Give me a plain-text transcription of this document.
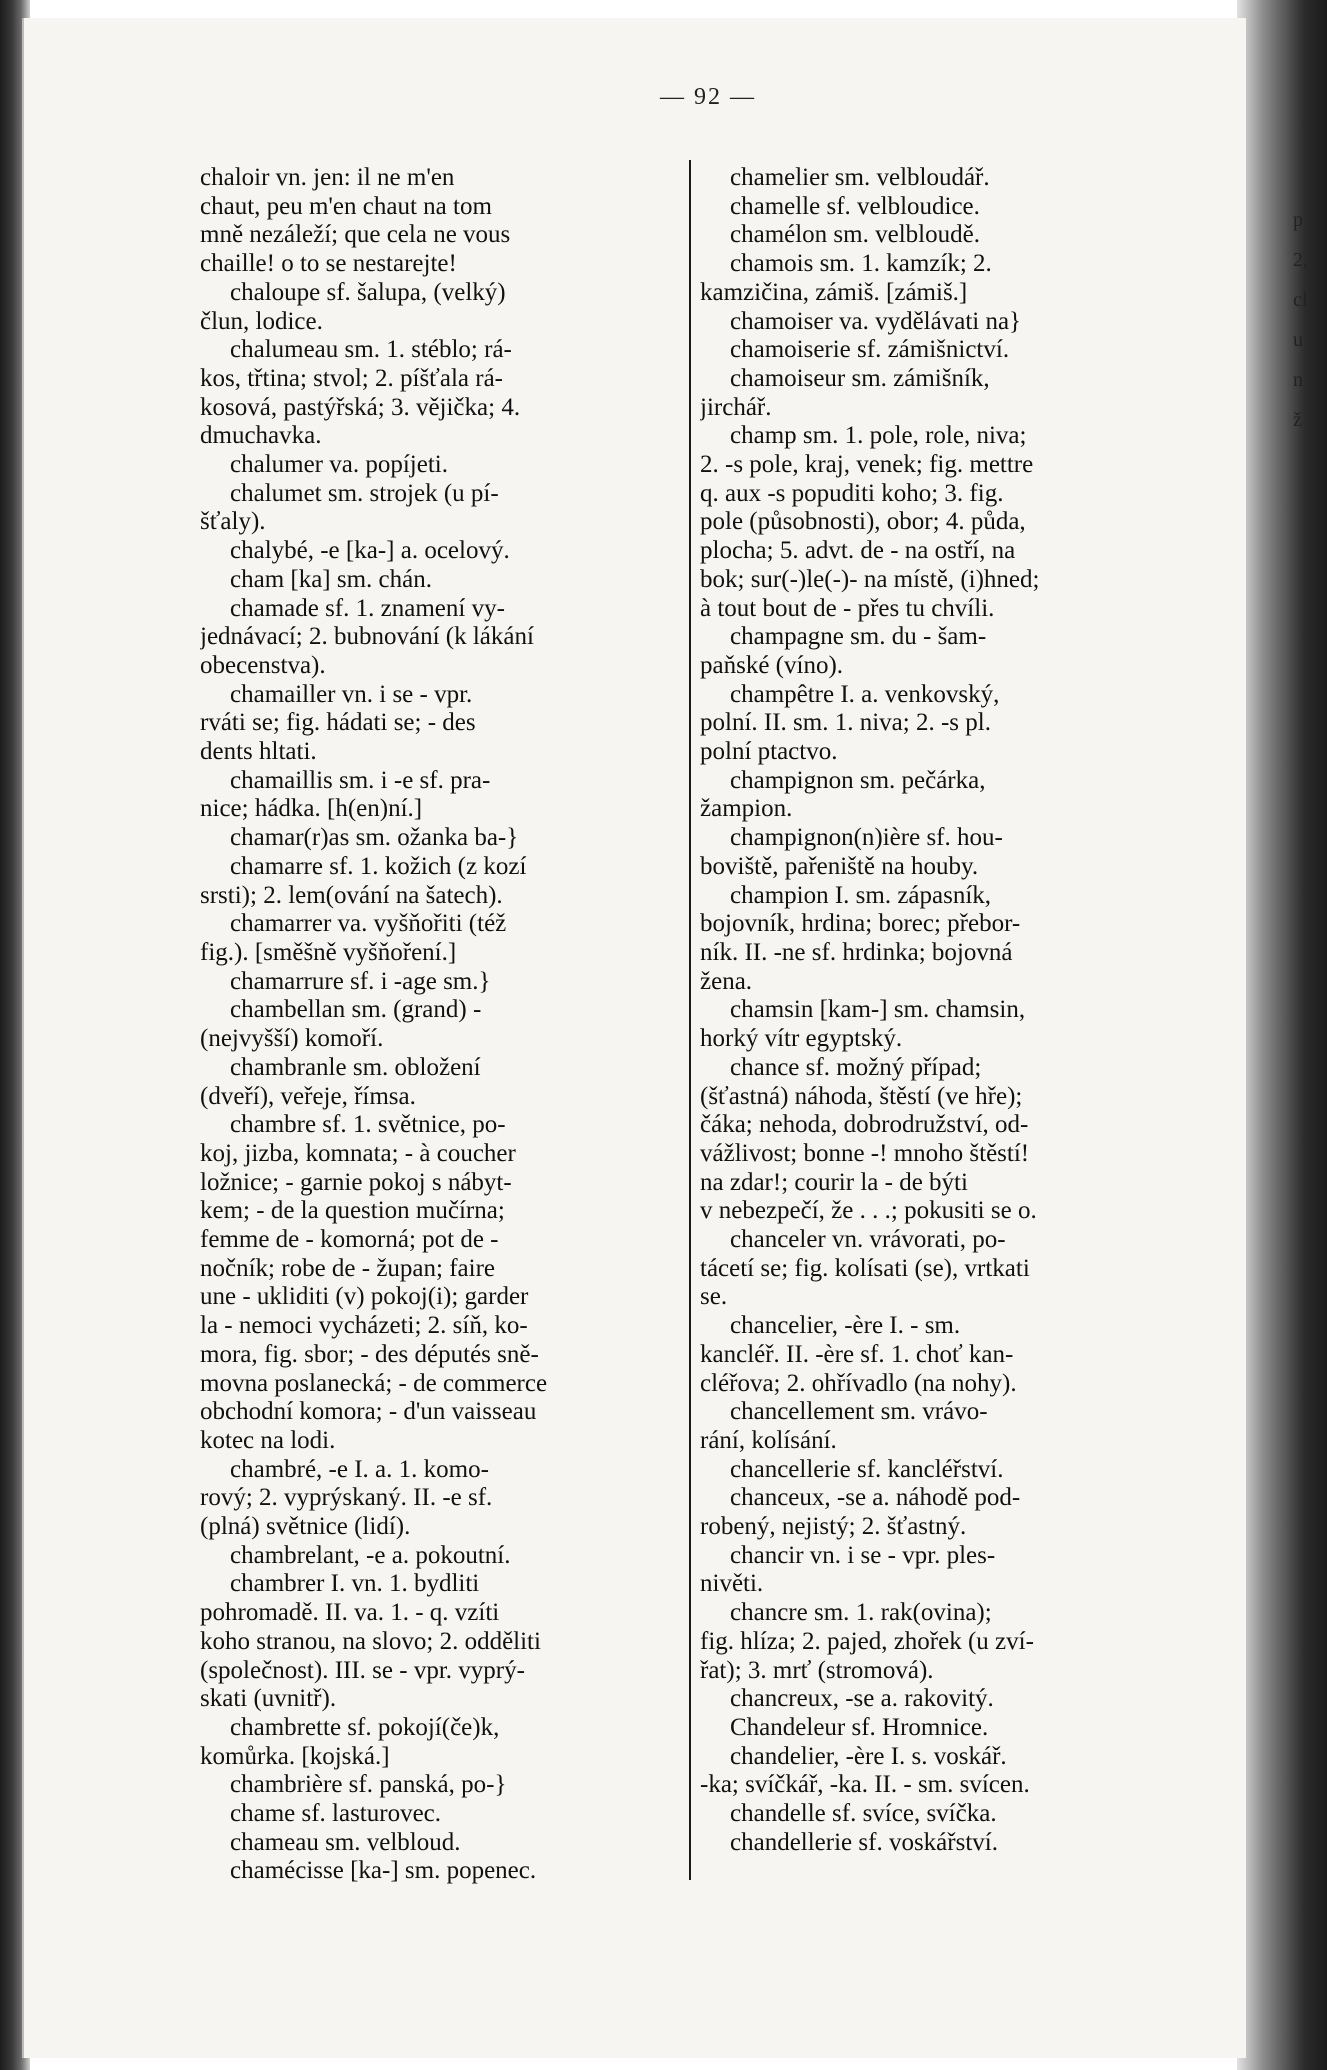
p
2,
cl
u
n
ž
— 92 —
chaloir vn. jen: il ne m'en
chaut, peu m'en chaut na tom
mně nezáleží; que cela ne vous
chaille! o to se nestarejte!
chaloupe sf. šalupa, (velký)
člun, lodice.
chalumeau sm. 1. stéblo; rá-
kos, třtina; stvol; 2. píšťala rá-
kosová, pastýřská; 3. vějička; 4.
dmuchavka.
chalumer va. popíjeti.
chalumet sm. strojek (u pí-
šťaly).
chalybé, -e [ka-] a. ocelový.
cham [ka] sm. chán.
chamade sf. 1. znamení vy-
jednávací; 2. bubnování (k lákání
obecenstva).
chamailler vn. i se - vpr.
rváti se; fig. hádati se; - des
dents hltati.
chamaillis sm. i -e sf. pra-
nice; hádka. [h(en)ní.]
chamar(r)as sm. ožanka ba-}
chamarre sf. 1. kožich (z kozí
srsti); 2. lem(ování na šatech).
chamarrer va. vyšňořiti (též
fig.). [směšně vyšňoření.]
chamarrure sf. i -age sm.}
chambellan sm. (grand) -
(nejvyšší) komoří.
chambranle sm. obložení
(dveří), veřeje, římsa.
chambre sf. 1. světnice, po-
koj, jizba, komnata; - à coucher
ložnice; - garnie pokoj s nábyt-
kem; - de la question mučírna;
femme de - komorná; pot de -
nočník; robe de - župan; faire
une - ukliditi (v) pokoj(i); garder
la - nemoci vycházeti; 2. síň, ko-
mora, fig. sbor; - des députés sně-
movna poslanecká; - de commerce
obchodní komora; - d'un vaisseau
kotec na lodi.
chambré, -e I. a. 1. komo-
rový; 2. vyprýskaný. II. -e sf.
(plná) světnice (lidí).
chambrelant, -e a. pokoutní.
chambrer I. vn. 1. bydliti
pohromadě. II. va. 1. - q. vzíti
koho stranou, na slovo; 2. odděliti
(společnost). III. se - vpr. vyprý-
skati (uvnitř).
chambrette sf. pokojí(če)k,
komůrka. [kojská.]
chambrière sf. panská, po-}
chame sf. lasturovec.
chameau sm. velbloud.
chamécisse [ka-] sm. popenec.
chamelier sm. velbloudář.
chamelle sf. velbloudice.
chamélon sm. velbloudě.
chamois sm. 1. kamzík; 2.
kamzičina, zámiš. [zámiš.]
chamoiser va. vydělávati na}
chamoiserie sf. zámišnictví.
chamoiseur sm. zámišník,
jirchář.
champ sm. 1. pole, role, niva;
2. -s pole, kraj, venek; fig. mettre
q. aux -s popuditi koho; 3. fig.
pole (působnosti), obor; 4. půda,
plocha; 5. advt. de - na ostří, na
bok; sur(-)le(-)- na místě, (i)hned;
à tout bout de - přes tu chvíli.
champagne sm. du - šam-
paňské (víno).
champêtre I. a. venkovský,
polní. II. sm. 1. niva; 2. -s pl.
polní ptactvo.
champignon sm. pečárka,
žampion.
champignon(n)ière sf. hou-
boviště, pařeniště na houby.
champion I. sm. zápasník,
bojovník, hrdina; borec; přebor-
ník. II. -ne sf. hrdinka; bojovná
žena.
chamsin [kam-] sm. chamsin,
horký vítr egyptský.
chance sf. možný případ;
(šťastná) náhoda, štěstí (ve hře);
čáka; nehoda, dobrodružství, od-
vážlivost; bonne -! mnoho štěstí!
na zdar!; courir la - de býti
v nebezpečí, že . . .; pokusiti se o.
chanceler vn. vrávorati, po-
tácetí se; fig. kolísati (se), vrtkati
se.
chancelier, -ère I. - sm.
kancléř. II. -ère sf. 1. choť kan-
cléřova; 2. ohřívadlo (na nohy).
chancellement sm. vrávo-
rání, kolísání.
chancellerie sf. kancléřství.
chanceux, -se a. náhodě pod-
robený, nejistý; 2. šťastný.
chancir vn. i se - vpr. ples-
nivěti.
chancre sm. 1. rak(ovina);
fig. hlíza; 2. pajed, zhořek (u zví-
řat); 3. mrť (stromová).
chancreux, -se a. rakovitý.
Chandeleur sf. Hromnice.
chandelier, -ère I. s. voskář.
-ka; svíčkář, -ka. II. - sm. svícen.
chandelle sf. svíce, svíčka.
chandellerie sf. voskářství.
